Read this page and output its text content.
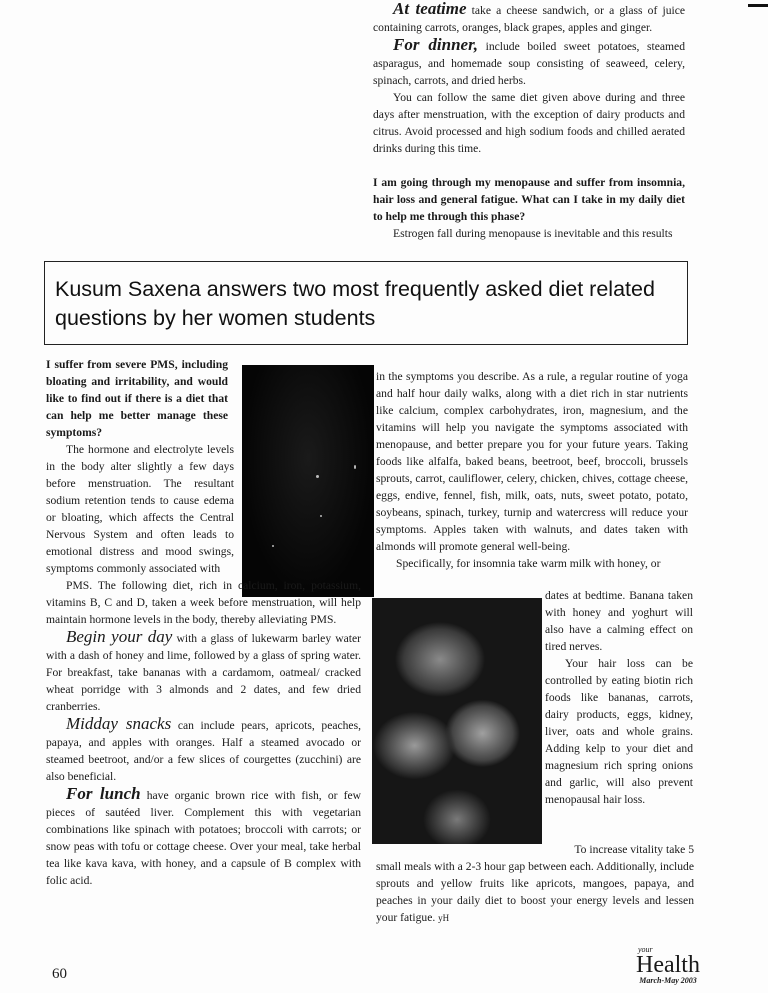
At teatime take a cheese sandwich, or a glass of juice containing carrots, oranges, black grapes, apples and ginger.

For dinner, include boiled sweet potatoes, steamed asparagus, and homemade soup consisting of seaweed, celery, spinach, carrots, and dried herbs.

You can follow the same diet given above during and three days after menstruation, with the exception of dairy products and citrus. Avoid processed and high sodium foods and chilled aerated drinks during this time.

I am going through my menopause and suffer from insomnia, hair loss and general fatigue. What can I take in my daily diet to help me through this phase?

Estrogen fall during menopause is inevitable and this results

Kusum Saxena answers two most frequently asked diet related questions by her women students

I suffer from severe PMS, including bloating and irritability, and would like to find out if there is a diet that can help me better manage these symptoms?

The hormone and electrolyte levels in the body alter slightly a few days before menstruation. The resultant sodium retention tends to cause edema or bloating, which affects the Central Nervous System and often leads to emotional distress and mood swings, symptoms commonly associated with

PMS. The following diet, rich in calcium, iron, potassium, vitamins B, C and D, taken a week before menstruation, will help maintain hormone levels in the body, thereby alleviating PMS.

Begin your day with a glass of lukewarm barley water with a dash of honey and lime, followed by a glass of spring water. For breakfast, take bananas with a cardamom, oatmeal/ cracked wheat porridge with 3 almonds and 2 dates, and few dried cranberries.

Midday snacks can include pears, apricots, peaches, papaya, and apples with oranges. Half a steamed avocado or steamed beetroot, and/or a few slices of courgettes (zucchini) are also beneficial.

For lunch have organic brown rice with fish, or few pieces of sautéed liver. Complement this with vegetarian combinations like spinach with potatoes; broccoli with carrots; or snow peas with tofu or cottage cheese. Over your meal, take herbal tea like kava kava, with honey, and a capsule of B complex with folic acid.

in the symptoms you describe. As a rule, a regular routine of yoga and half hour daily walks, along with a diet rich in star nutrients like calcium, complex carbohydrates, iron, magnesium, and the vitamins will help you navigate the symptoms associated with menopause, and better prepare you for your future years. Taking foods like alfalfa, baked beans, beetroot, beef, broccoli, brussels sprouts, carrot, cauliflower, celery, chicken, chives, cottage cheese, eggs, endive, fennel, fish, milk, oats, nuts, sweet potato, potato, soybeans, spinach, turkey, turnip and watercress will reduce your symptoms. Apples taken with walnuts, and dates taken with almonds will promote general well-being.

Specifically, for insomnia take warm milk with honey, or

dates at bedtime. Banana taken with honey and yoghurt will also have a calming effect on tired nerves.

Your hair loss can be controlled by eating biotin rich foods like bananas, carrots, dairy products, eggs, kidney, liver, oats and whole grains. Adding kelp to your diet and magnesium rich spring onions and garlic, will also prevent menopausal hair loss.

To increase vitality take 5

small meals with a 2-3 hour gap between each. Additionally, include sprouts and yellow fruits like apricots, mangoes, papaya, and peaches in your daily diet to boost your energy levels and lessen your fatigue. yH

60
your
Health
March-May 2003
